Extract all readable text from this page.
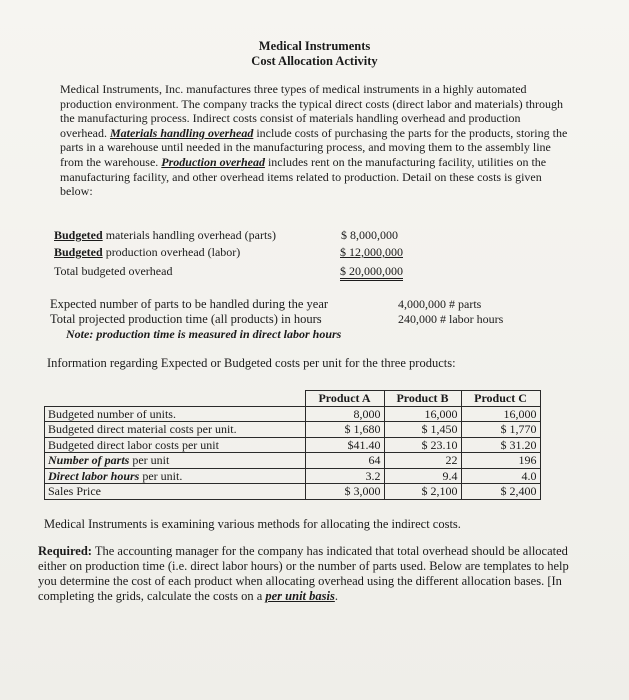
Medical Instruments
Cost Allocation Activity
Medical Instruments, Inc. manufactures three types of medical instruments in a highly automated production environment. The company tracks the typical direct costs (direct labor and materials) through the manufacturing process. Indirect costs consist of materials handling overhead and production overhead. Materials handling overhead include costs of purchasing the parts for the products, storing the parts in a warehouse until needed in the manufacturing process, and moving them to the assembly line from the warehouse. Production overhead includes rent on the manufacturing facility, utilities on the manufacturing facility, and other overhead items related to production. Detail on these costs is given below:
Budgeted materials handling overhead (parts)	$ 8,000,000
Budgeted production overhead (labor)	$ 12,000,000
Total budgeted overhead	$ 20,000,000
Expected number of parts to be handled during the year	4,000,000 # parts
Total projected production time (all products) in hours	240,000 # labor hours
Note: production time is measured in direct labor hours
Information regarding Expected or Budgeted costs per unit for the three products:
	Product A	Product B	Product C
Budgeted number of units.	8,000	16,000	16,000
Budgeted direct material costs per unit.	$ 1,680	$ 1,450	$ 1,770
Budgeted direct labor costs per unit	$41.40	$ 23.10	$ 31.20
Number of parts per unit	64	22	196
Direct labor hours per unit.	3.2	9.4	4.0
Sales Price	$ 3,000	$ 2,100	$ 2,400
Medical Instruments is examining various methods for allocating the indirect costs.
Required: The accounting manager for the company has indicated that total overhead should be allocated either on production time (i.e. direct labor hours) or the number of parts used. Below are templates to help you determine the cost of each product when allocating overhead using the different allocation bases. [In completing the grids, calculate the costs on a per unit basis.
